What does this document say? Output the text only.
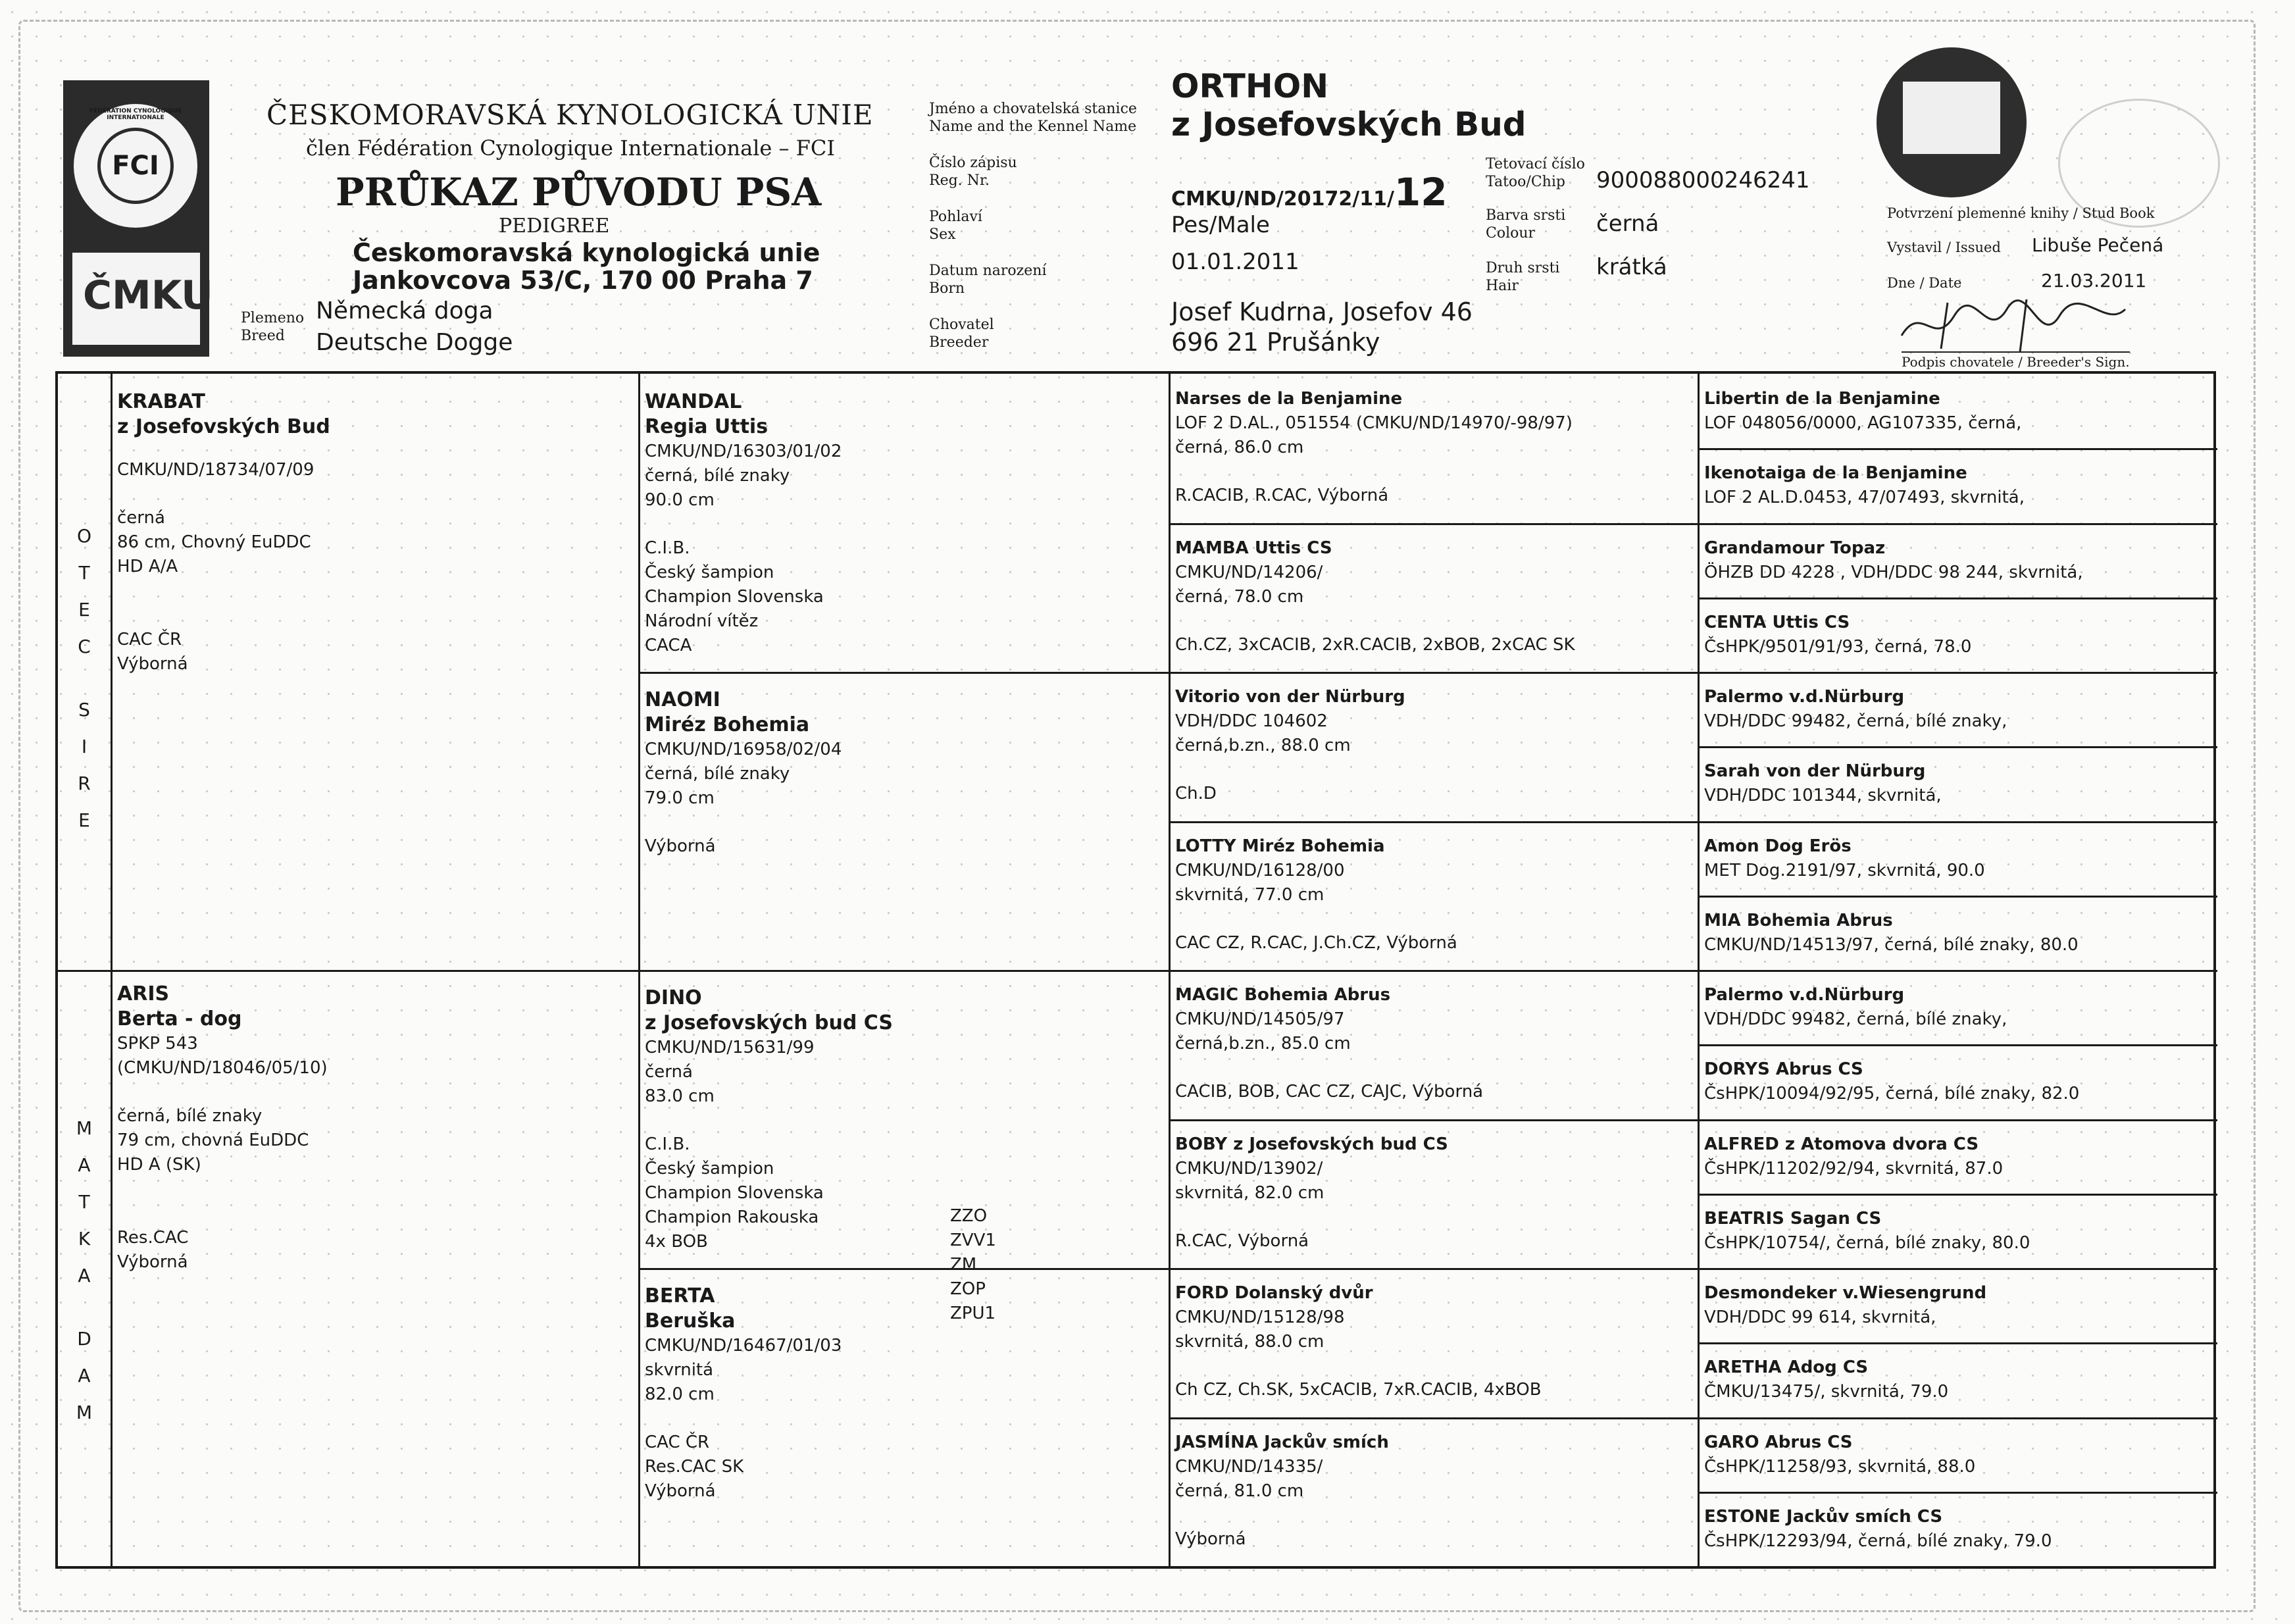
FÉDÉRATION CYNOLOGIQUE INTERNATIONALE
FCI
ČMKU
ČESKOMORAVSKÁ KYNOLOGICKÁ UNIE
člen Fédération Cynologique Internationale – FCI
PRŮKAZ PŮVODU PSA
PEDIGREE
Českomoravská kynologická unie
Jankovcova 53/C, 170 00 Praha 7
Plemeno
Breed
Německá doga
Deutsche Dogge
Jméno a chovatelská stanice
Name and the Kennel Name
Číslo zápisu
Reg. Nr.
Pohlaví
Sex
Datum narození
Born
Chovatel
Breeder
ORTHON
z Josefovských Bud
CMKU/ND/20172/11/12
Pes/Male
01.01.2011
Josef Kudrna, Josefov 46
696 21 Prušánky
Tetovací číslo
Tatoo/Chip
Barva srsti
Colour
Druh srsti
Hair
900088000246241
černá
krátká
Potvrzení plemenné knihy / Stud Book
Vystavil / Issued Libuše Pečená
Dne / Date	21.03.2011
Podpis chovatele / Breeder's Sign.
O
T
E
C
S
I
R
E
M
A
T
K
A
D
A
M
KRABAT
z Josefovských Bud
CMKU/ND/18734/07/09
černá
86 cm, Chovný EuDDC
HD A/A
CAC ČR
Výborná
ARIS
Berta - dog
SPKP 543
(CMKU/ND/18046/05/10)
černá, bílé znaky
79 cm, chovná EuDDC
HD A (SK)
Res.CAC
Výborná
WANDAL
Regia Uttis
CMKU/ND/16303/01/02
černá, bílé znaky
90.0 cm
C.I.B.
Český šampion
Champion Slovenska
Národní vítěz
CACA
NAOMI
Miréz Bohemia
CMKU/ND/16958/02/04
černá, bílé znaky
79.0 cm
Výborná
DINO
z Josefovských bud CS
CMKU/ND/15631/99
černá
83.0 cm
C.I.B.
Český šampion
Champion Slovenska
Champion Rakouska
4x BOB
ZZO
ZVV1
ZM
ZOP
ZPU1
BERTA
Beruška
CMKU/ND/16467/01/03
skvrnitá
82.0 cm
CAC ČR
Res.CAC SK
Výborná
Narses de la Benjamine
LOF 2 D.AL., 051554 (CMKU/ND/14970/-98/97)
černá, 86.0 cm
R.CACIB, R.CAC, Výborná
MAMBA Uttis CS
CMKU/ND/14206/
černá, 78.0 cm
Ch.CZ, 3xCACIB, 2xR.CACIB, 2xBOB, 2xCAC SK
Vitorio von der Nürburg
VDH/DDC 104602
černá,b.zn., 88.0 cm
Ch.D
LOTTY Miréz Bohemia
CMKU/ND/16128/00
skvrnitá, 77.0 cm
CAC CZ, R.CAC, J.Ch.CZ, Výborná
MAGIC Bohemia Abrus
CMKU/ND/14505/97
černá,b.zn., 85.0 cm
CACIB, BOB, CAC CZ, CAJC, Výborná
BOBY z Josefovských bud CS
CMKU/ND/13902/
skvrnitá, 82.0 cm
R.CAC, Výborná
FORD Dolanský dvůr
CMKU/ND/15128/98
skvrnitá, 88.0 cm
Ch CZ, Ch.SK, 5xCACIB, 7xR.CACIB, 4xBOB
JASMÍNA Jackův smích
CMKU/ND/14335/
černá, 81.0 cm
Výborná
Libertin de la Benjamine
LOF 048056/0000, AG107335, černá,
Ikenotaiga de la Benjamine
LOF 2 AL.D.0453, 47/07493, skvrnitá,
Grandamour Topaz
ÖHZB DD 4228 , VDH/DDC 98 244, skvrnitá,
CENTA Uttis CS
ČsHPK/9501/91/93, černá, 78.0
Palermo v.d.Nürburg
VDH/DDC 99482, černá, bílé znaky,
Sarah von der Nürburg
VDH/DDC 101344, skvrnitá,
Amon Dog Erös
MET Dog.2191/97, skvrnitá, 90.0
MIA Bohemia Abrus
CMKU/ND/14513/97, černá, bílé znaky, 80.0
Palermo v.d.Nürburg
VDH/DDC 99482, černá, bílé znaky,
DORYS Abrus CS
ČsHPK/10094/92/95, černá, bílé znaky, 82.0
ALFRED z Atomova dvora CS
ČsHPK/11202/92/94, skvrnitá, 87.0
BEATRIS Sagan CS
ČsHPK/10754/, černá, bílé znaky, 80.0
Desmondeker v.Wiesengrund
VDH/DDC 99 614, skvrnitá,
ARETHA Adog CS
ČMKU/13475/, skvrnitá, 79.0
GARO Abrus CS
ČsHPK/11258/93, skvrnitá, 88.0
ESTONE Jackův smích CS
ČsHPK/12293/94, černá, bílé znaky, 79.0
